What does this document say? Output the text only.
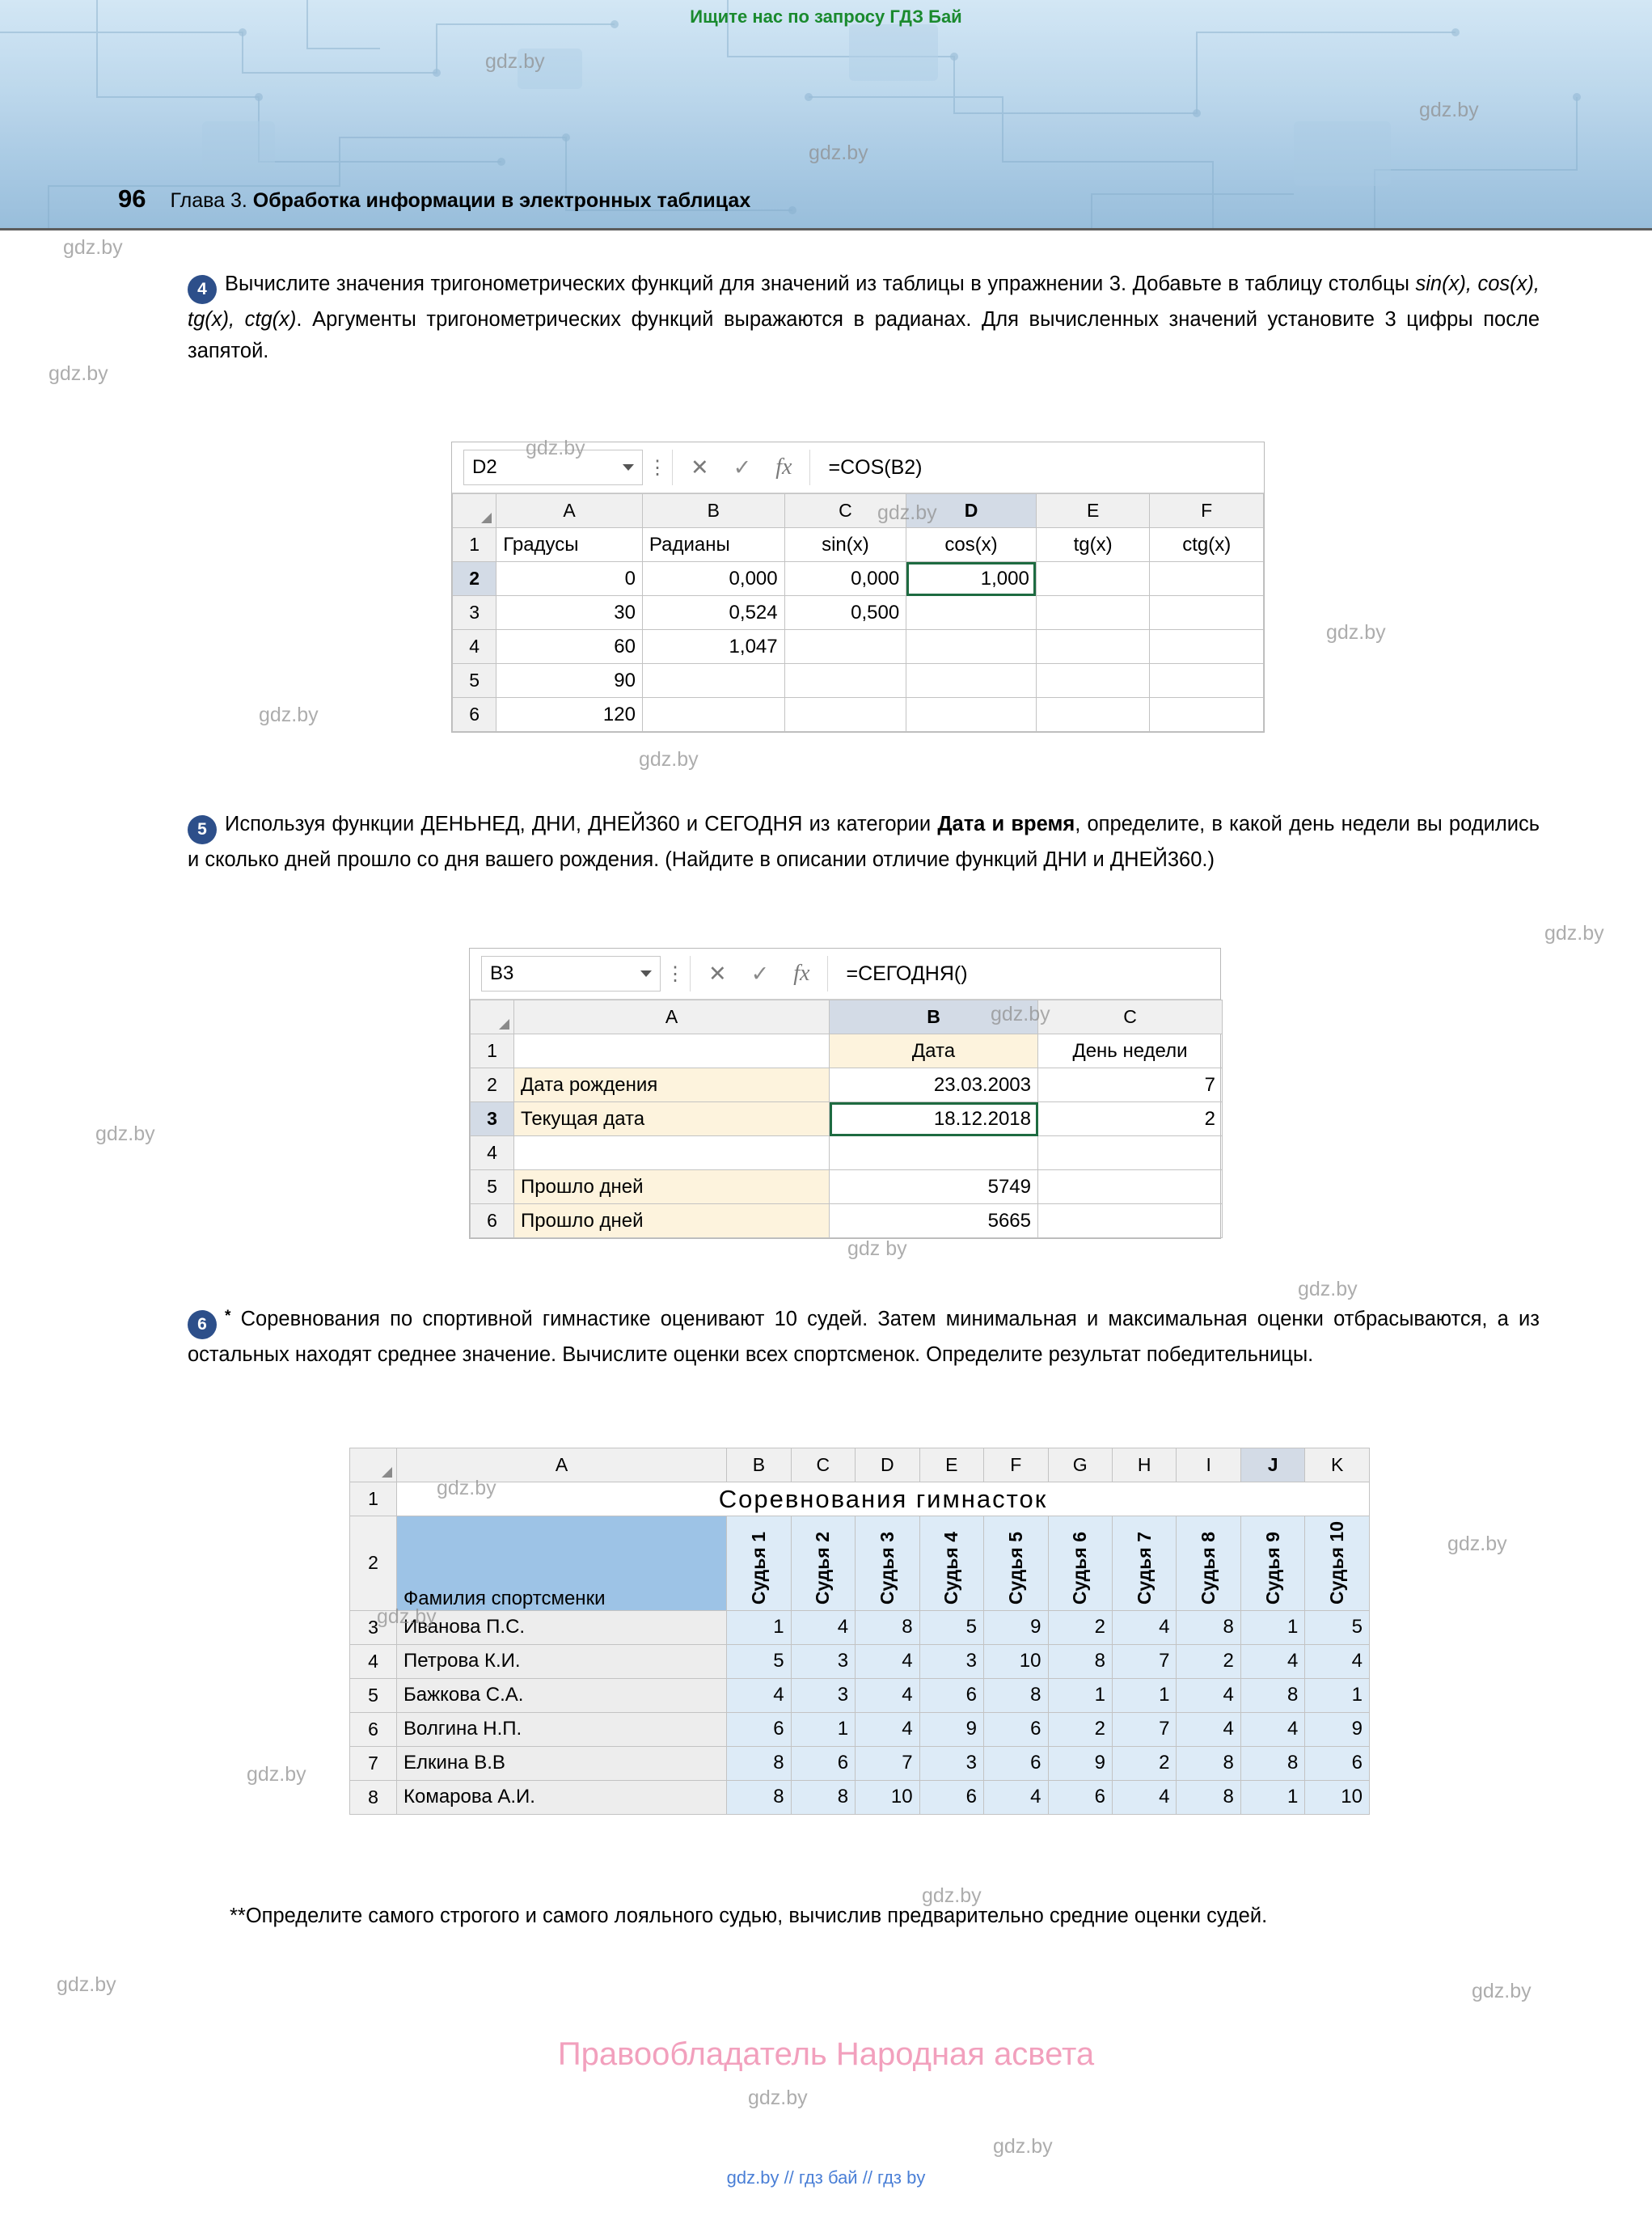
Ищите нас по запросу ГДЗ Бай
96 Глава 3. Обработка информации в электронных таблицах
4 Вычислите значения тригонометрических функций для значений из таблицы в упражнении 3. Добавьте в таблицу столбцы sin(x), cos(x), tg(x), ctg(x). Аргументы тригонометрических функций выражаются в радианах. Для вычисленных значений установите 3 цифры после запятой.
D2	⋮ ✕ ✓ fx	=COS(B2)
	A	B	C	D	E	F
1	Градусы	Радианы	sin(x)	cos(x)	tg(x)	ctg(x)
2	0	0,000	0,000	1,000		
3	30	0,524	0,500			
4	60	1,047				
5	90					
6	120					
5 Используя функции ДЕНЬНЕД, ДНИ, ДНЕЙ360 и СЕГОДНЯ из категории Дата и время, определите, в какой день недели вы родились и сколько дней прошло со дня вашего рождения. (Найдите в описании отличие функций ДНИ и ДНЕЙ360.)
B3	⋮ ✕ ✓ fx	=СЕГОДНЯ()
	A	B	C
1		Дата	День недели
2	Дата рождения	23.03.2003	7
3	Текущая дата	18.12.2018	2
4			
5	Прошло дней	5749	
6	Прошло дней	5665	
6 * Соревнования по спортивной гимнастике оценивают 10 судей. Затем минимальная и максимальная оценки отбрасываются, а из остальных находят среднее значение. Вычислите оценки всех спортсменок. Определите результат победительницы.
	A	B	C	D	E	F	G	H	I	J	K
1	Соревнования гимнасток										
2	Фамилия спортсменки	Судья 1	Судья 2	Судья 3	Судья 4	Судья 5	Судья 6	Судья 7	Судья 8	Судья 9	Судья 10
3	Иванова П.С.	1	4	8	5	9	2	4	8	1	5
4	Петрова К.И.	5	3	4	3	10	8	7	2	4	4
5	Бажкова С.А.	4	3	4	6	8	1	1	4	8	1
6	Волгина Н.П.	6	1	4	9	6	2	7	4	4	9
7	Елкина В.В	8	6	7	3	6	9	2	8	8	6
8	Комарова А.И.	8	8	10	6	4	6	4	8	1	10
**Определите самого строгого и самого лояльного судью, вычислив предварительно средние оценки судей.
Правообладатель Народная асвета
gdz.by // гдз бай // гдз by
gdz.by
gdz.by
gdz.by
gdz.by
gdz.by
gdz.by
gdz.by
gdz.by
gdz.by
gdz.by
gdz.by
gdz.by
gdz.by
gdz by
gdz.by
gdz.by
gdz.by
gdz.by
gdz.by
gdz.by
gdz.by	gdz.by
gdz.by
gdz.by
